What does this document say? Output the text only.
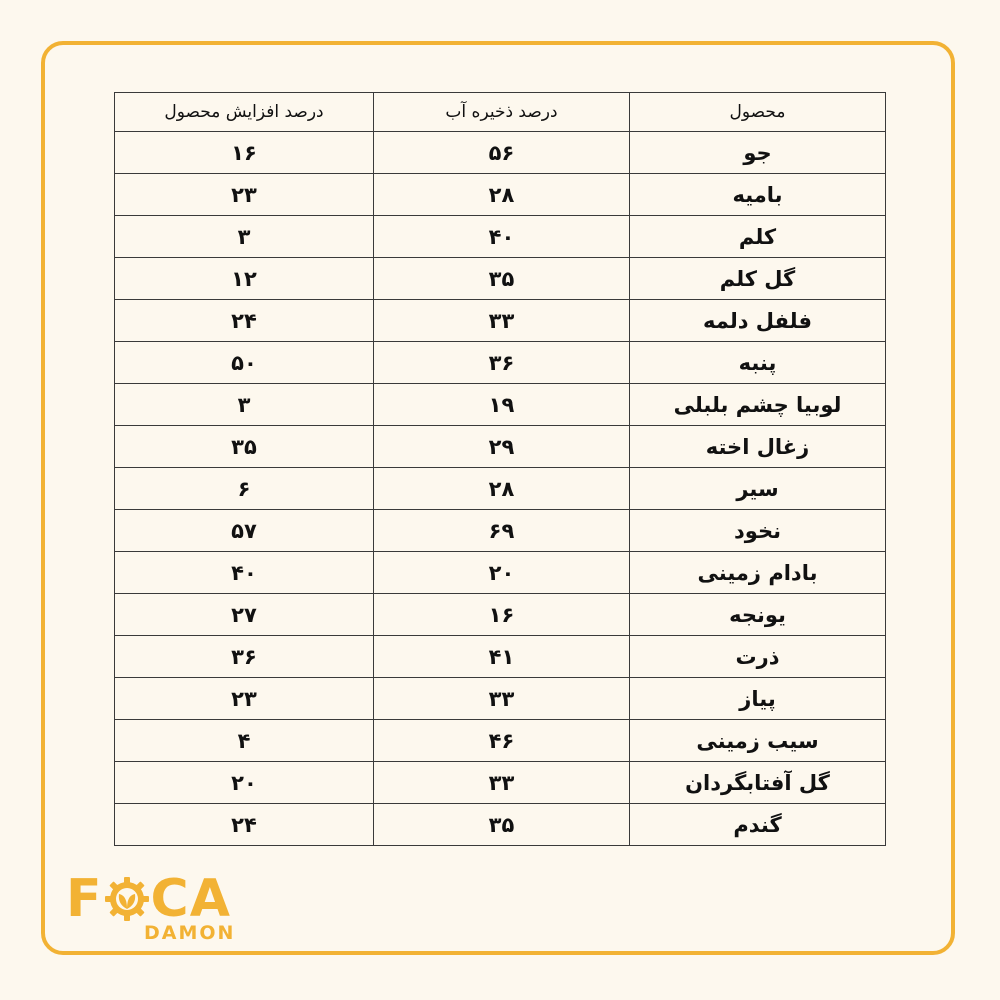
محصول	درصد ذخیره آب	درصد افزایش محصول
جو	۵۶	۱۶
بامیه	۲۸	۲۳
کلم	۴۰	۳
گل کلم	۳۵	۱۲
فلفل دلمه	۳۳	۲۴
پنبه	۳۶	۵۰
لوبیا چشم بلبلی	۱۹	۳
زغال اخته	۲۹	۳۵
سیر	۲۸	۶
نخود	۶۹	۵۷
بادام زمینی	۲۰	۴۰
یونجه	۱۶	۲۷
ذرت	۴۱	۳۶
پیاز	۳۳	۲۳
سیب زمینی	۴۶	۴
گل آفتابگردان	۳۳	۲۰
گندم	۳۵	۲۴
F CA
DAMON
